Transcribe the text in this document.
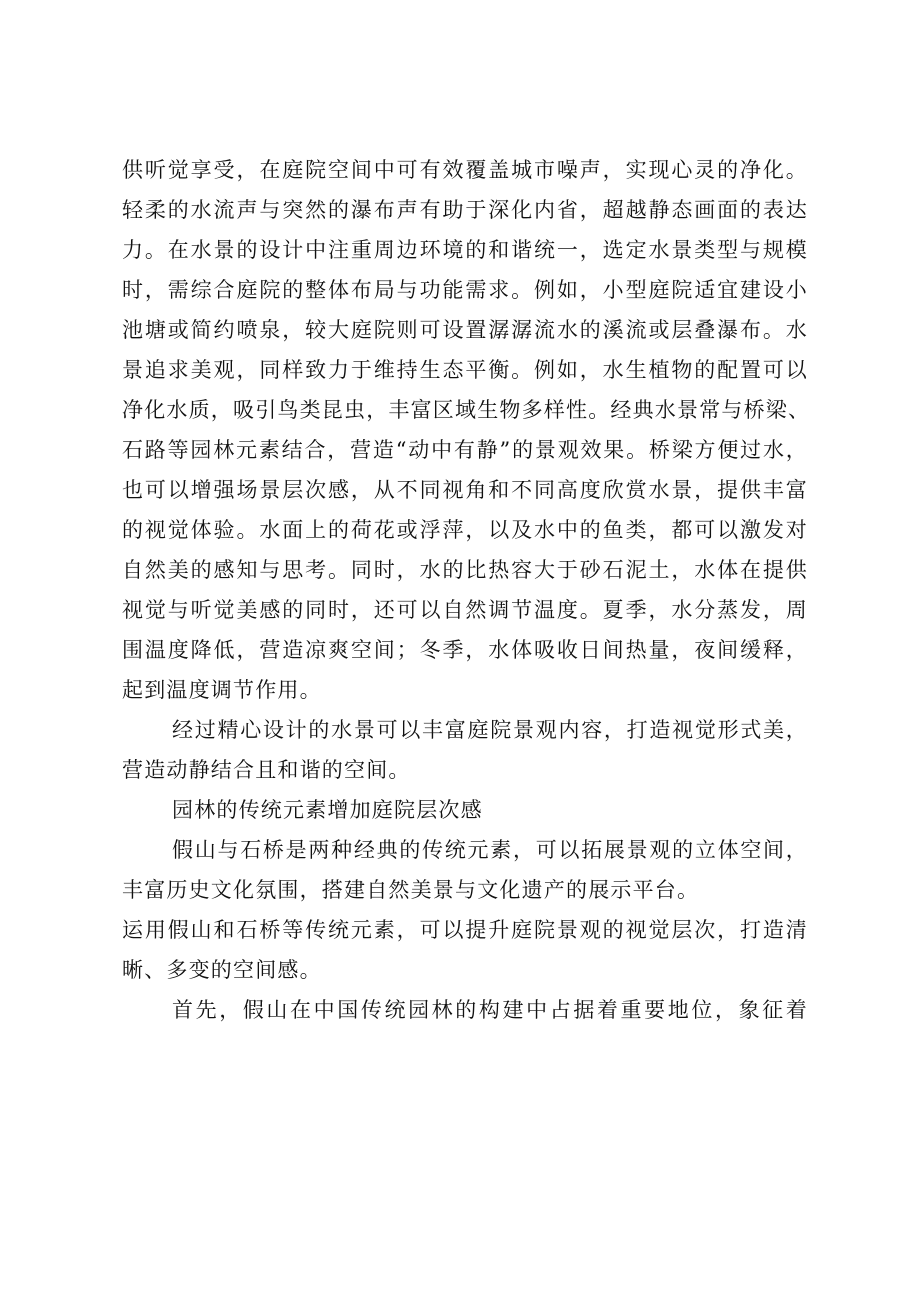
供听觉享受，在庭院空间中可有效覆盖城市噪声，实现心灵的净化。

轻柔的水流声与突然的瀑布声有助于深化内省，超越静态画面的表达

力。在水景的设计中注重周边环境的和谐统一，选定水景类型与规模

时，需综合庭院的整体布局与功能需求。例如，小型庭院适宜建设小

池塘或简约喷泉，较大庭院则可设置潺潺流水的溪流或层叠瀑布。水

景追求美观，同样致力于维持生态平衡。例如，水生植物的配置可以

净化水质，吸引鸟类昆虫，丰富区域生物多样性。经典水景常与桥梁、

石路等园林元素结合，营造“动中有静”的景观效果。桥梁方便过水，

也可以增强场景层次感，从不同视角和不同高度欣赏水景，提供丰富

的视觉体验。水面上的荷花或浮萍，以及水中的鱼类，都可以激发对

自然美的感知与思考。同时，水的比热容大于砂石泥土，水体在提供

视觉与听觉美感的同时，还可以自然调节温度。夏季，水分蒸发，周

围温度降低，营造凉爽空间；冬季，水体吸收日间热量，夜间缓释，

起到温度调节作用。

经过精心设计的水景可以丰富庭院景观内容，打造视觉形式美，

营造动静结合且和谐的空间。

园林的传统元素增加庭院层次感

假山与石桥是两种经典的传统元素，可以拓展景观的立体空间，

丰富历史文化氛围，搭建自然美景与文化遗产的展示平台。

运用假山和石桥等传统元素，可以提升庭院景观的视觉层次，打造清

晰、多变的空间感。

首先，假山在中国传统园林的构建中占据着重要地位，象征着
